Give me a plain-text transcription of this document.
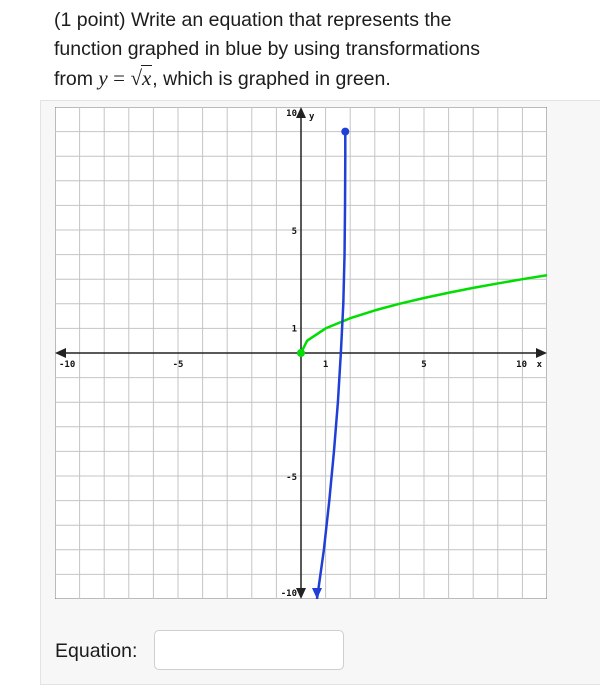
(1 point) Write an equation that represents the
function graphed in blue by using transformations
from y = √x, which is graphed in green.
x
y
-10	-5	1	5	10
10
5
1
-5
-10
Equation:
